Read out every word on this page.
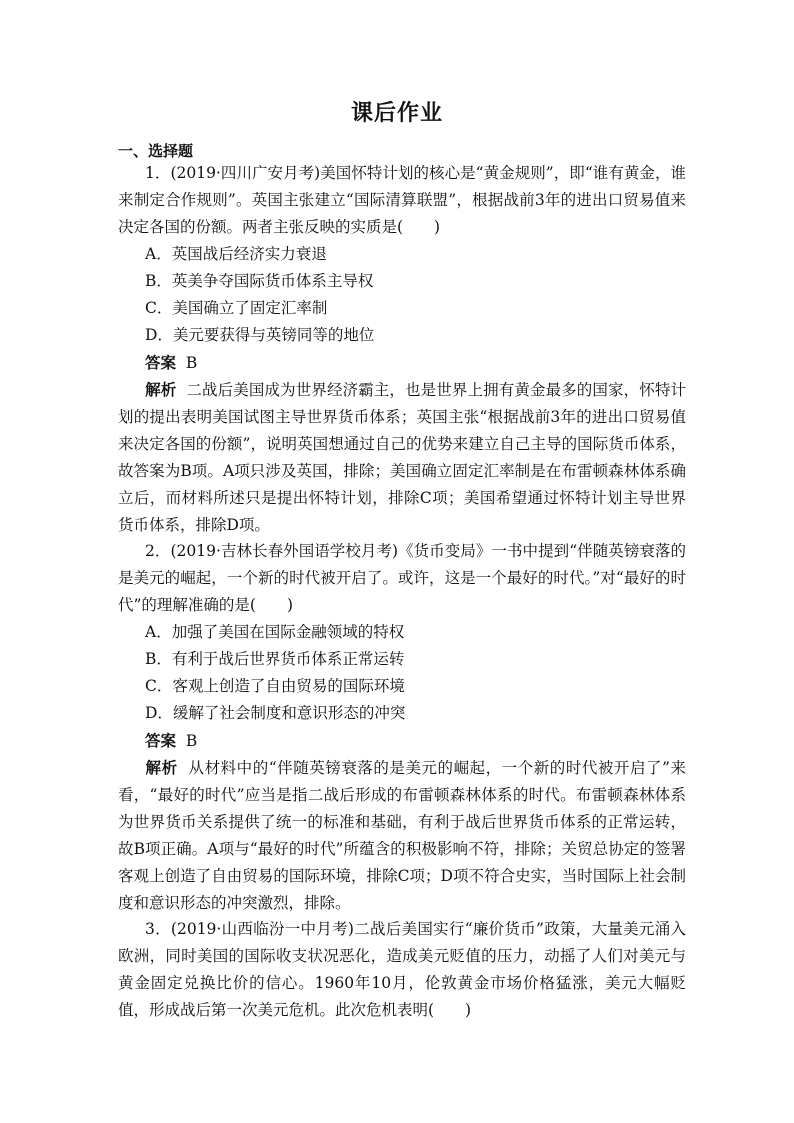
课后作业
一、选择题
1．(2019·四川广安月考)美国怀特计划的核心是“黄金规则”，即“谁有黄金，谁来制定合作规则”。英国主张建立“国际清算联盟”，根据战前3年的进出口贸易值来决定各国的份额。两者主张反映的实质是(　　)
A．英国战后经济实力衰退
B．英美争夺国际货币体系主导权
C．美国确立了固定汇率制
D．美元要获得与英镑同等的地位
答案 B
解析 二战后美国成为世界经济霸主，也是世界上拥有黄金最多的国家，怀特计划的提出表明美国试图主导世界货币体系；英国主张“根据战前3年的进出口贸易值来决定各国的份额”，说明英国想通过自己的优势来建立自己主导的国际货币体系，故答案为B项。A项只涉及英国，排除；美国确立固定汇率制是在布雷顿森林体系确立后，而材料所述只是提出怀特计划，排除C项；美国希望通过怀特计划主导世界货币体系，排除D项。
2．(2019·吉林长春外国语学校月考)《货币变局》一书中提到“伴随英镑衰落的是美元的崛起，一个新的时代被开启了。或许，这是一个最好的时代。”对“最好的时代”的理解准确的是(　　)
A．加强了美国在国际金融领域的特权
B．有利于战后世界货币体系正常运转
C．客观上创造了自由贸易的国际环境
D．缓解了社会制度和意识形态的冲突
答案 B
解析 从材料中的“伴随英镑衰落的是美元的崛起，一个新的时代被开启了”来看，“最好的时代”应当是指二战后形成的布雷顿森林体系的时代。布雷顿森林体系为世界货币关系提供了统一的标准和基础，有利于战后世界货币体系的正常运转，故B项正确。A项与“最好的时代”所蕴含的积极影响不符，排除；关贸总协定的签署客观上创造了自由贸易的国际环境，排除C项；D项不符合史实，当时国际上社会制度和意识形态的冲突激烈，排除。
3．(2019·山西临汾一中月考)二战后美国实行“廉价货币”政策，大量美元涌入欧洲，同时美国的国际收支状况恶化，造成美元贬值的压力，动摇了人们对美元与黄金固定兑换比价的信心。1960年10月，伦敦黄金市场价格猛涨，美元大幅贬值，形成战后第一次美元危机。此次危机表明(　　)
